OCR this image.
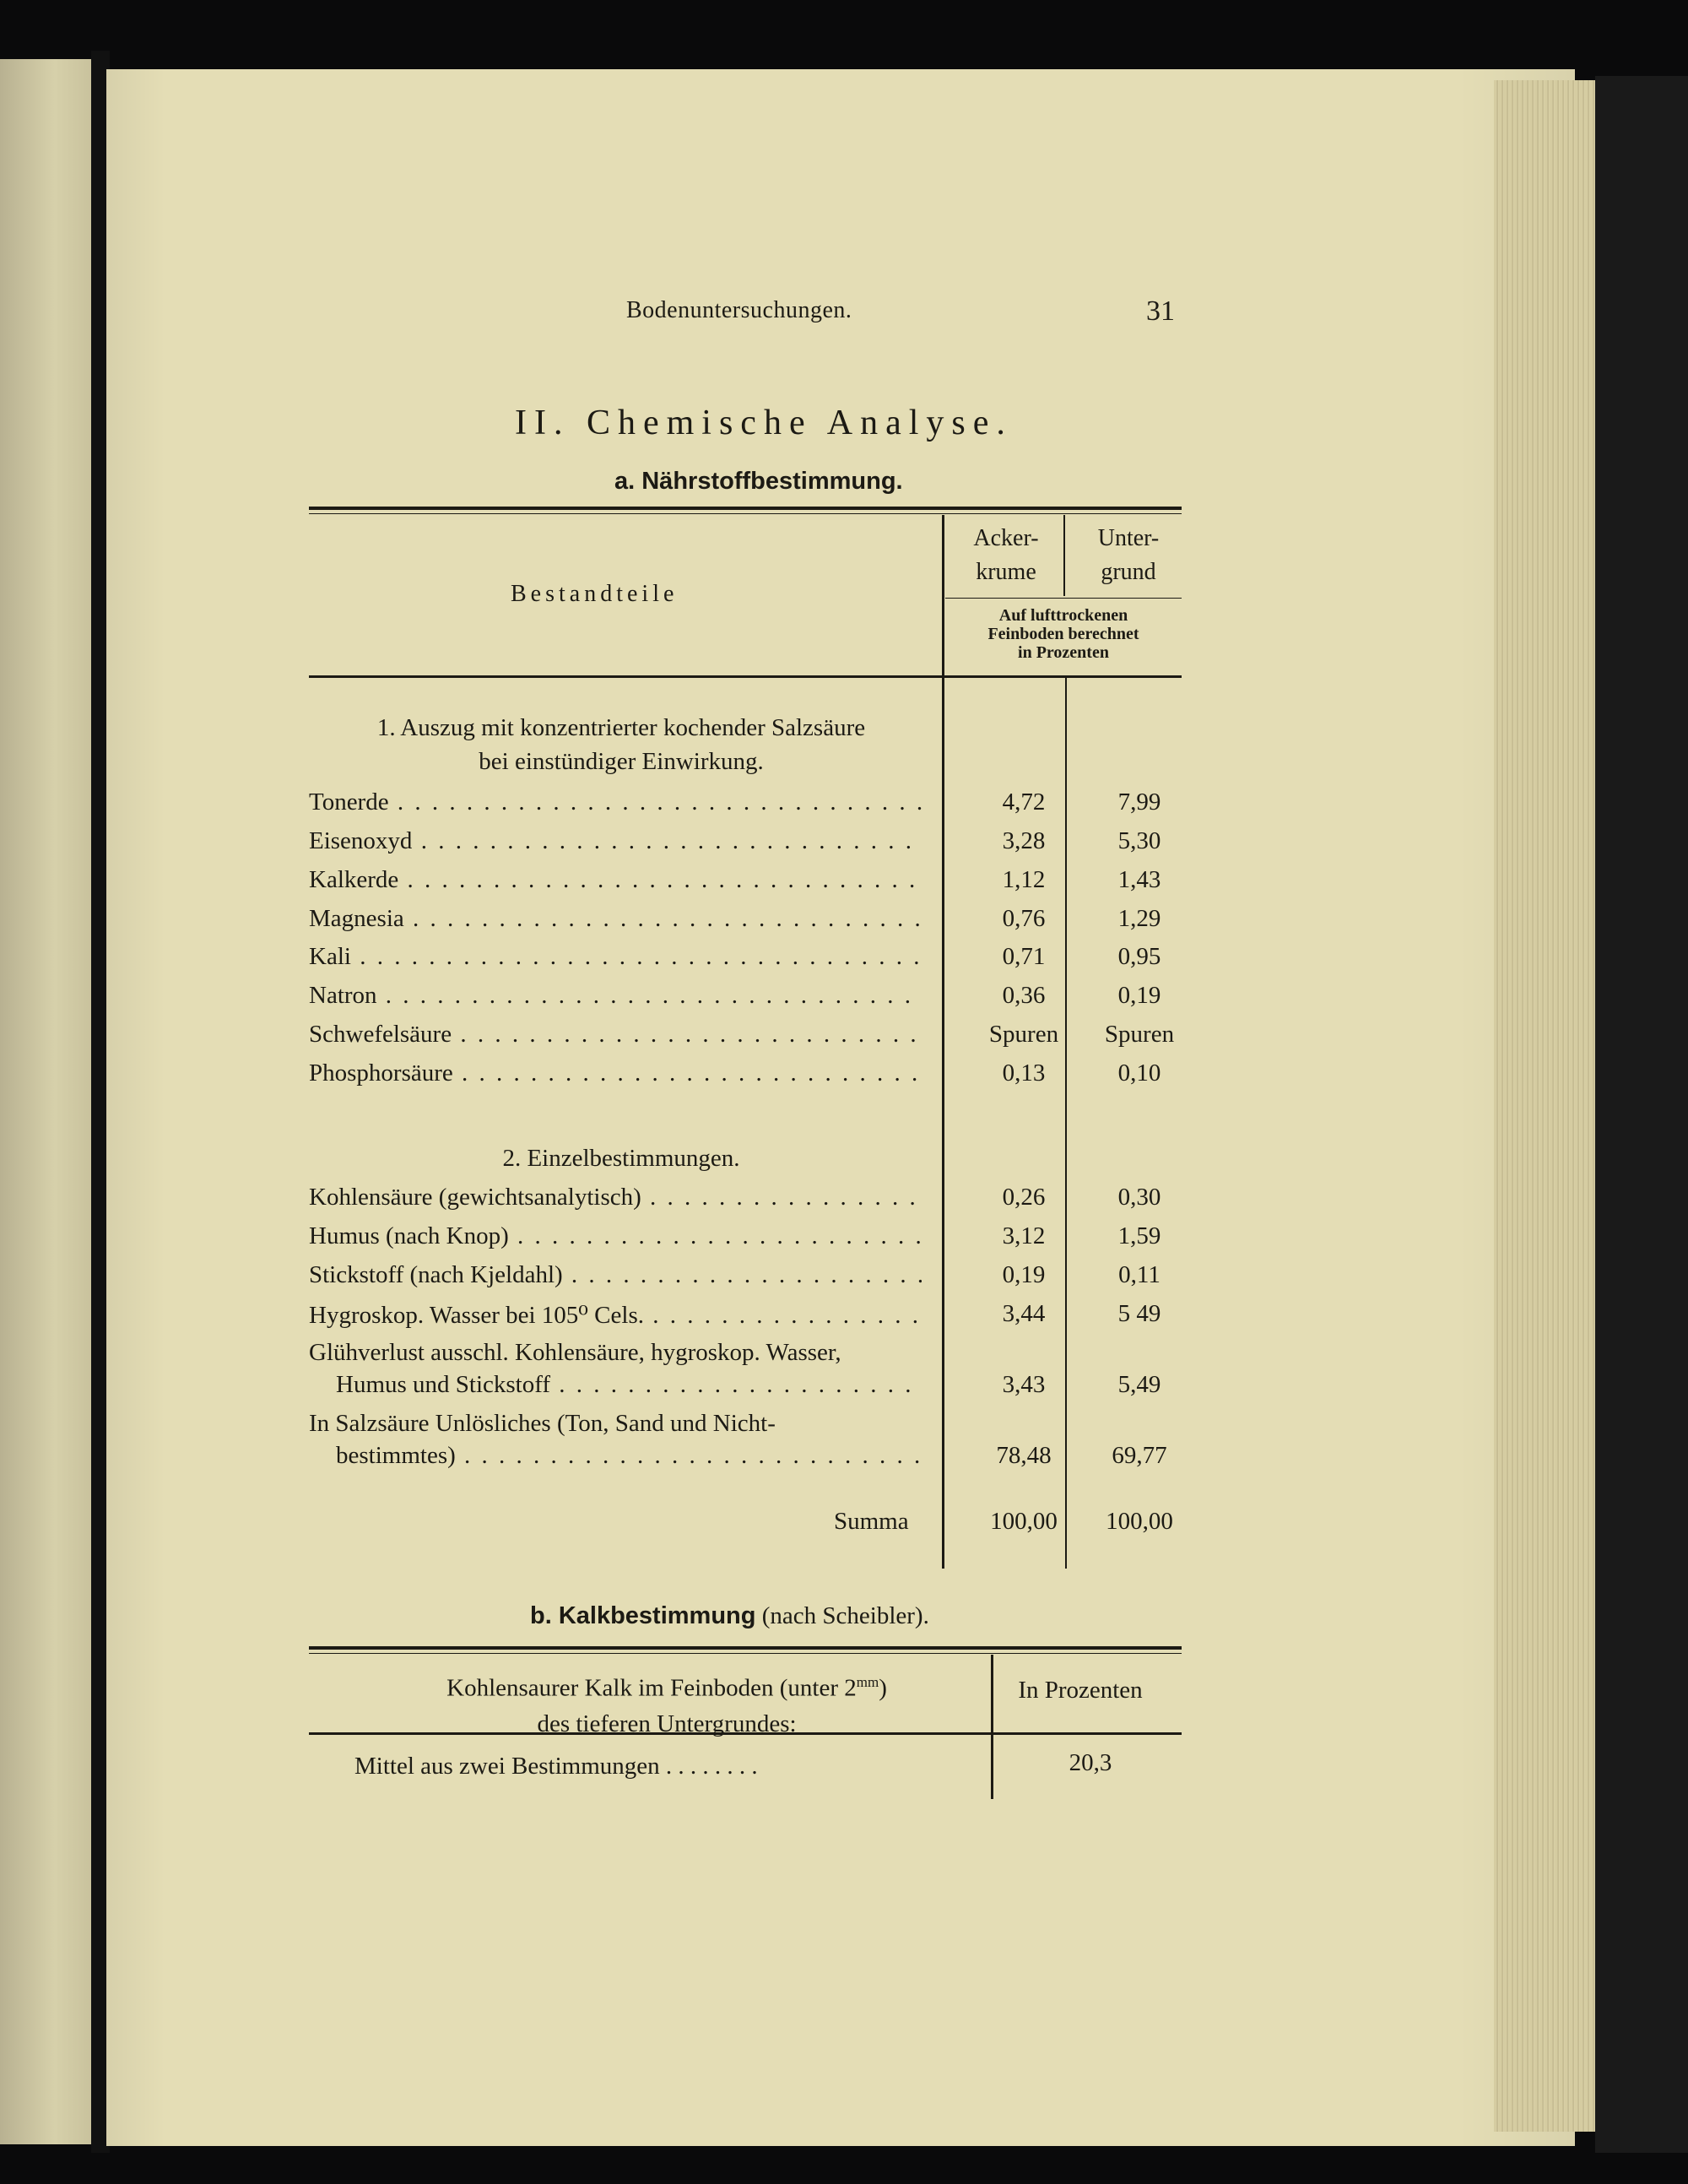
Bodenuntersuchungen.	31
II. Chemische Analyse.
a. Nährstoffbestimmung.
Bestandteile
Acker-
krume
Unter-
grund
Auf lufttrockenen
Feinboden berechnet
in Prozenten
1. Auszug mit konzentrierter kochender Salzsäure
bei einstündiger Einwirkung.
Tonerde . . .	4,72	7,99
Eisenoxyd . . .	3,28	5,30
Kalkerde . . .	1,12	1,43
Magnesia . . .	0,76	1,29
Kali . . .	0,71	0,95
Natron . . .	0,36	0,19
Schwefelsäure . . .	Spuren	Spuren
Phosphorsäure . . .	0,13	0,10
2. Einzelbestimmungen.
Kohlensäure (gewichtsanalytisch) . . .	0,26	0,30
Humus (nach Knop) . . .	3,12	1,59
Stickstoff (nach Kjeldahl) . . .	0,19	0,11
Hygroskop. Wasser bei 105⁰ Cels. . . .	3,44	5 49
Glühverlust ausschl. Kohlensäure, hygroskop. Wasser,
Humus und Stickstoff . . .	3,43	5,49
In Salzsäure Unlösliches (Ton, Sand und Nicht-
bestimmtes) . . .	78,48	69,77
Summa	100,00	100,00
b. Kalkbestimmung (nach Scheibler).
Kohlensaurer Kalk im Feinboden (unter $2^{mm}$)
des tieferen Untergrundes:
In Prozenten
Mittel aus zwei Bestimmungen . . . . . . . .	20,3
